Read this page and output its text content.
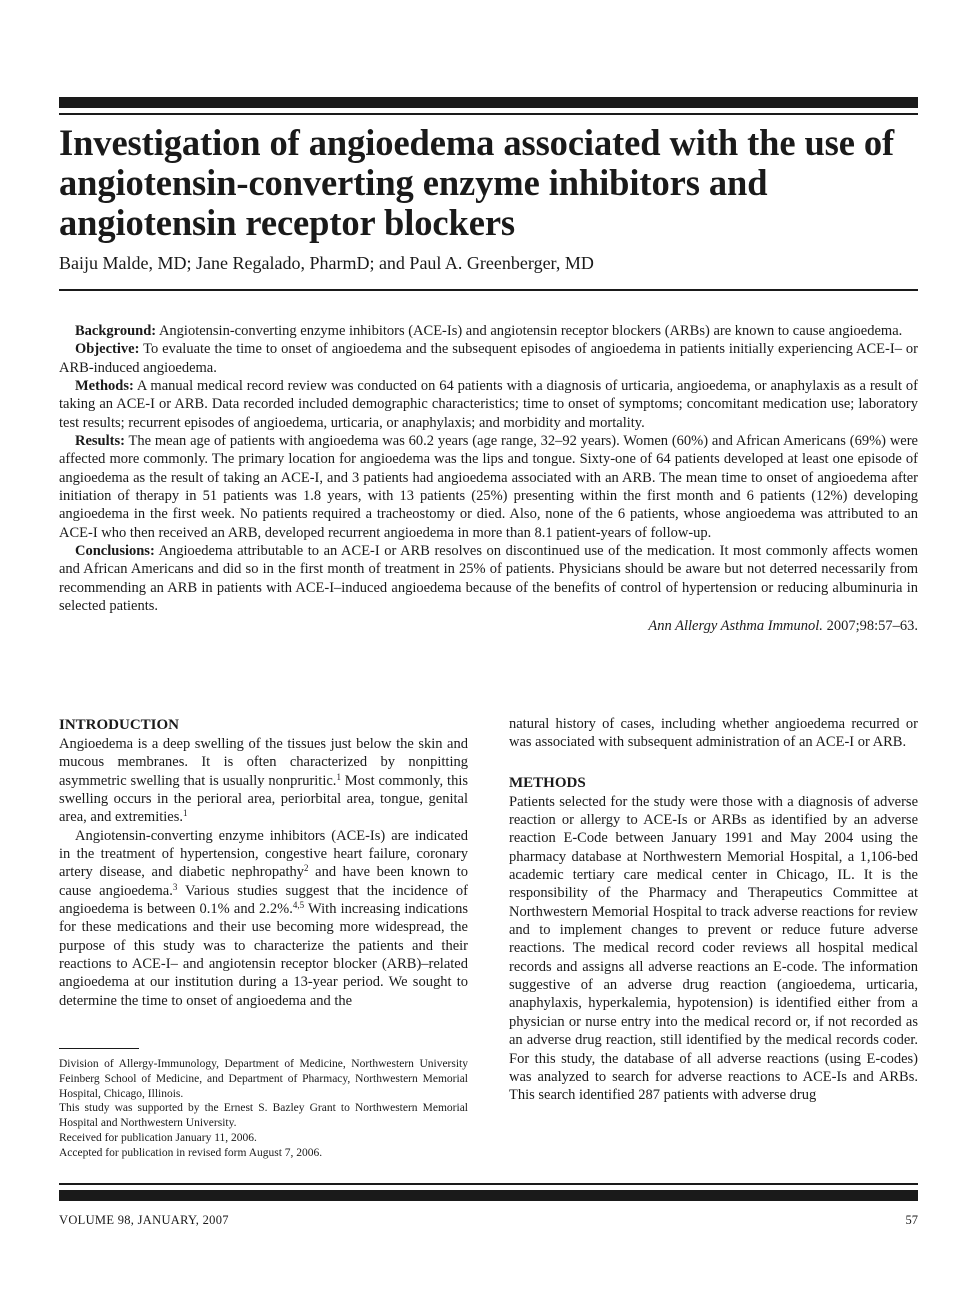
Investigation of angioedema associated with the use of angiotensin-converting enzyme inhibitors and angiotensin receptor blockers
Baiju Malde, MD; Jane Regalado, PharmD; and Paul A. Greenberger, MD

Background: Angiotensin-converting enzyme inhibitors (ACE-Is) and angiotensin receptor blockers (ARBs) are known to cause angioedema.

Objective: To evaluate the time to onset of angioedema and the subsequent episodes of angioedema in patients initially experiencing ACE-I– or ARB-induced angioedema.

Methods: A manual medical record review was conducted on 64 patients with a diagnosis of urticaria, angioedema, or anaphylaxis as a result of taking an ACE-I or ARB. Data recorded included demographic characteristics; time to onset of symptoms; concomitant medication use; laboratory test results; recurrent episodes of angioedema, urticaria, or anaphylaxis; and morbidity and mortality.

Results: The mean age of patients with angioedema was 60.2 years (age range, 32–92 years). Women (60%) and African Americans (69%) were affected more commonly. The primary location for angioedema was the lips and tongue. Sixty-one of 64 patients developed at least one episode of angioedema as the result of taking an ACE-I, and 3 patients had angioedema associated with an ARB. The mean time to onset of angioedema after initiation of therapy in 51 patients was 1.8 years, with 13 patients (25%) presenting within the first month and 6 patients (12%) developing angioedema in the first week. No patients required a tracheostomy or died. Also, none of the 6 patients, whose angioedema was attributed to an ACE-I who then received an ARB, developed recurrent angioedema in more than 8.1 patient-years of follow-up.

Conclusions: Angioedema attributable to an ACE-I or ARB resolves on discontinued use of the medication. It most commonly affects women and African Americans and did so in the first month of treatment in 25% of patients. Physicians should be aware but not deterred necessarily from recommending an ARB in patients with ACE-I–induced angioedema because of the benefits of control of hypertension or reducing albuminuria in selected patients.

Ann Allergy Asthma Immunol. 2007;98:57–63.

INTRODUCTION

Angioedema is a deep swelling of the tissues just below the skin and mucous membranes. It is often characterized by nonpitting asymmetric swelling that is usually nonpruritic.$^1$ Most commonly, this swelling occurs in the perioral area, periorbital area, tongue, genital area, and extremities.$^1$

Angiotensin-converting enzyme inhibitors (ACE-Is) are indicated in the treatment of hypertension, congestive heart failure, coronary artery disease, and diabetic nephropathy$^2$ and have been known to cause angioedema.$^3$ Various studies suggest that the incidence of angioedema is between 0.1% and 2.2%.$^{4,5}$ With increasing indications for these medications and their use becoming more widespread, the purpose of this study was to characterize the patients and their reactions to ACE-I– and angiotensin receptor blocker (ARB)–related angioedema at our institution during a 13-year period. We sought to determine the time to onset of angioedema and the

Division of Allergy-Immunology, Department of Medicine, Northwestern University Feinberg School of Medicine, and Department of Pharmacy, Northwestern Memorial Hospital, Chicago, Illinois.

This study was supported by the Ernest S. Bazley Grant to Northwestern Memorial Hospital and Northwestern University.

Received for publication January 11, 2006.

Accepted for publication in revised form August 7, 2006.

natural history of cases, including whether angioedema recurred or was associated with subsequent administration of an ACE-I or ARB.

METHODS

Patients selected for the study were those with a diagnosis of adverse reaction or allergy to ACE-Is or ARBs as identified by an adverse reaction E-Code between January 1991 and May 2004 using the pharmacy database at Northwestern Memorial Hospital, a 1,106-bed academic tertiary care medical center in Chicago, IL. It is the responsibility of the Pharmacy and Therapeutics Committee at Northwestern Memorial Hospital to track adverse reactions for review and to implement changes to prevent or reduce future adverse reactions. The medical record coder reviews all hospital medical records and assigns all adverse reactions an E-code. The information suggestive of an adverse drug reaction (angioedema, urticaria, anaphylaxis, hyperkalemia, hypotension) is identified either from a physician or nurse entry into the medical record or, if not recorded as an adverse drug reaction, still identified by the medical records coder. For this study, the database of all adverse reactions (using E-codes) was analyzed to search for adverse reactions to ACE-Is and ARBs. This search identified 287 patients with adverse drug

VOLUME 98, JANUARY, 2007	57
